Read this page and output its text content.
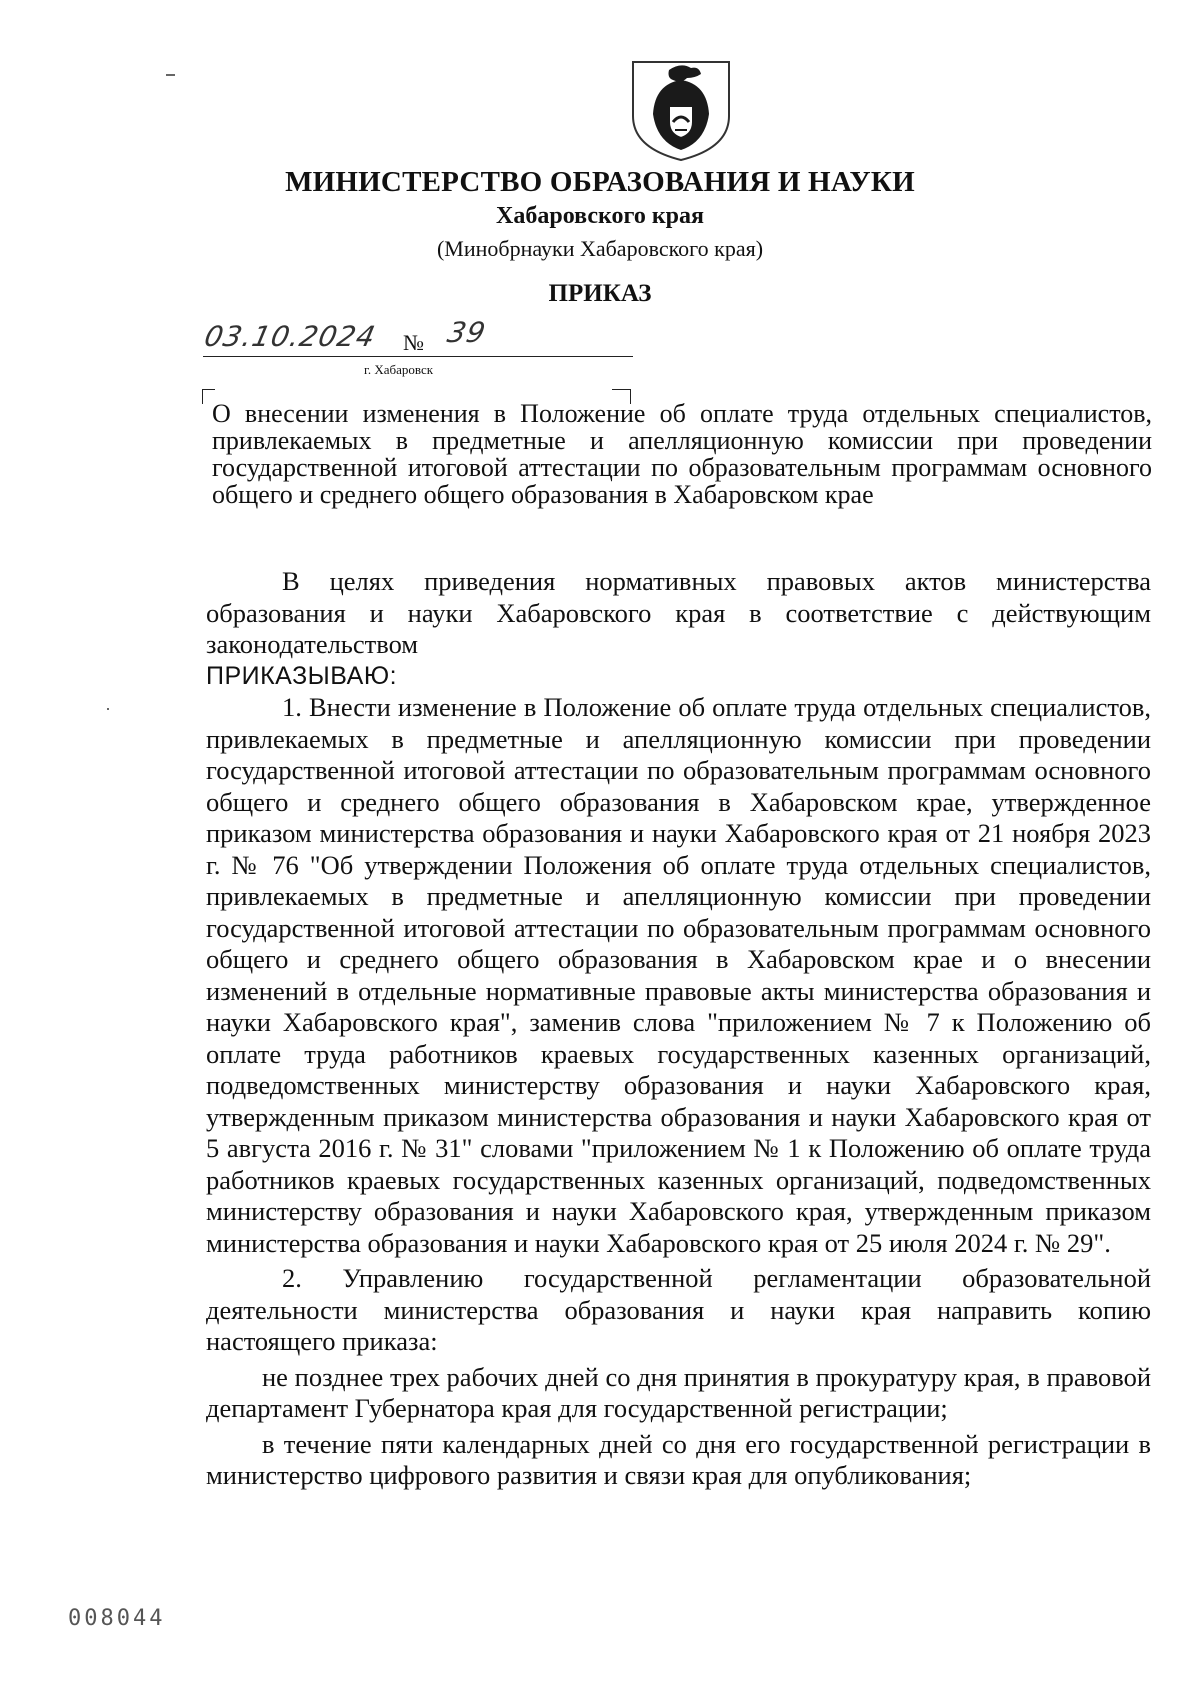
МИНИСТЕРСТВО ОБРАЗОВАНИЯ И НАУКИ
Хабаровского края
(Минобрнауки Хабаровского края)
ПРИКАЗ
03.10.2024 № 39
г. Хабаровск
О внесении изменения в Положение об оплате труда отдельных специалистов, привлекаемых в предметные и апелляционную комиссии при проведении государственной итоговой аттестации по образовательным программам основного общего и среднего общего образования в Хабаровском крае

В целях приведения нормативных правовых актов министерства образования и науки Хабаровского края в соответствие с действующим законодательством

ПРИКАЗЫВАЮ:

1. Внести изменение в Положение об оплате труда отдельных специалистов, привлекаемых в предметные и апелляционную комиссии при проведении государственной итоговой аттестации по образовательным программам основного общего и среднего общего образования в Хабаровском крае, утвержденное приказом министерства образования и науки Хабаровского края от 21 ноября 2023 г. № 76 "Об утверждении Положения об оплате труда отдельных специалистов, привлекаемых в предметные и апелляционную комиссии при проведении государственной итоговой аттестации по образовательным программам основного общего и среднего общего образования в Хабаровском крае и о внесении изменений в отдельные нормативные правовые акты министерства образования и науки Хабаровского края", заменив слова "приложением № 7 к Положению об оплате труда работников краевых государственных казенных организаций, подведомственных министерству образования и науки Хабаровского края, утвержденным приказом министерства образования и науки Хабаровского края от 5 августа 2016 г. № 31" словами "приложением № 1 к Положению об оплате труда работников краевых государственных казенных организаций, подведомственных министерству образования и науки Хабаровского края, утвержденным приказом министерства образования и науки Хабаровского края от 25 июля 2024 г. № 29".

2. Управлению государственной регламентации образовательной деятельности министерства образования и науки края направить копию настоящего приказа:

не позднее трех рабочих дней со дня принятия в прокуратуру края, в правовой департамент Губернатора края для государственной регистрации;

в течение пяти календарных дней со дня его государственной регистрации в министерство цифрового развития и связи края для опубликования;

008044
